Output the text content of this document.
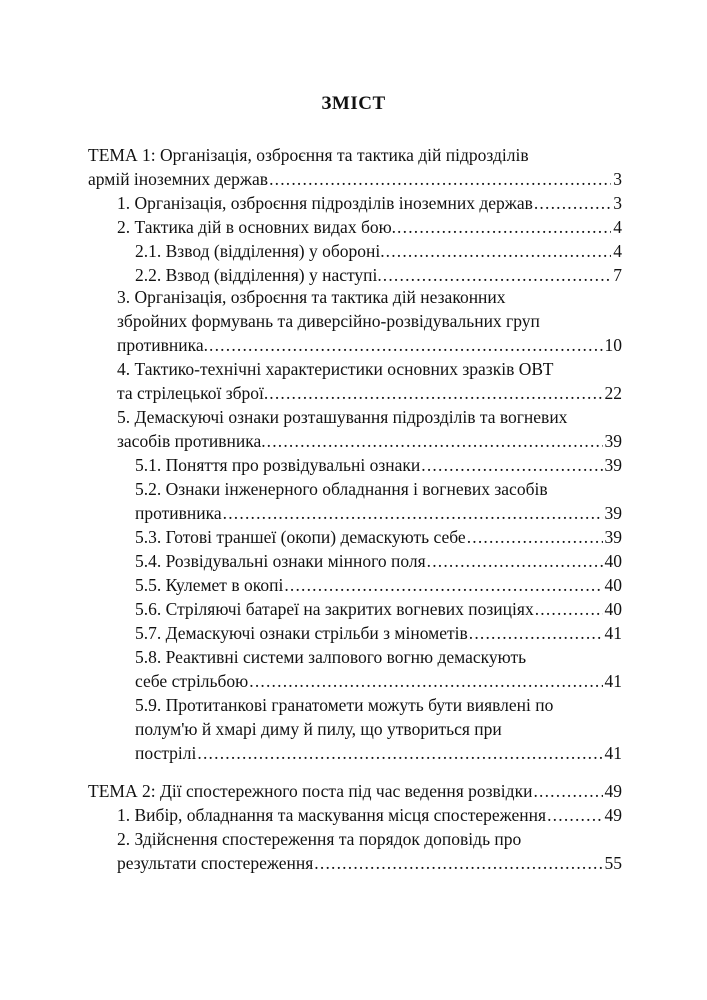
ЗМІСТ
ТЕМА 1: Організація, озброєння та тактика дій підрозділів
армій іноземних держав .....	3
1. Організація, озброєння підрозділів іноземних держав .....	3
2. Тактика дій в основних видах бою. .....	4
2.1. Взвод (відділення) у обороні. .....	4
2.2. Взвод (відділення) у наступі. .....	7
3. Організація, озброєння та тактика дій незаконних
збройних формувань та диверсійно-розвідувальних груп
противника. .....	10
4. Тактико-технічні характеристики основних зразків ОВТ
та стрілецької зброї. .....	22
5. Демаскуючі ознаки розташування підрозділів та вогневих
засобів противника. .....	39
5.1. Поняття про розвідувальні ознаки .....	39
5.2. Ознаки інженерного обладнання і вогневих засобів
противника .....	39
5.3. Готові траншеї (окопи) демаскують себе .....	39
5.4. Розвідувальні ознаки мінного поля .....	40
5.5. Кулемет в окопі .....	40
5.6. Стріляючі батареї на закритих вогневих позиціях .....	40
5.7. Демаскуючі ознаки стрільби з мінометів .....	41
5.8. Реактивні системи залпового вогню демаскують
себе стрільбою .....	41
5.9. Протитанкові гранатомети можуть бути виявлені по
полум'ю й хмарі диму й пилу, що утвориться при
пострілі .....	41
ТЕМА 2: Дії спостережного поста під час ведення розвідки .....	49
1. Вибір, обладнання та маскування місця спостереження .....	49
2. Здійснення спостереження та порядок доповідь про
результати спостереження .....	55
